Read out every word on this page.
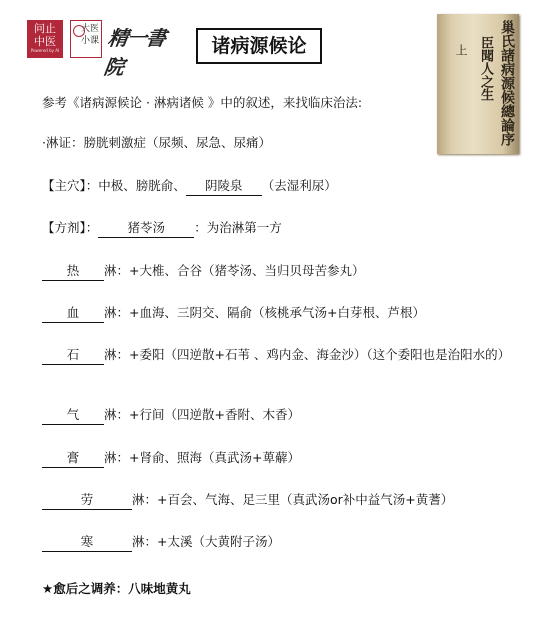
问止
中医
Powered by AI
大医
小课 精一書院
诸病源候论	巢氏諸病源候總論序
臣聞人之生
上
参考《诸病源候论 · 淋病诸候 》中的叙述，来找临床治法:
·淋证：膀胱刺激症（尿频、尿急、尿痛）
【主穴】：中极、膀胱俞、 阴陵泉 （去湿利尿）
【方剂】： 猪苓汤 ：为治淋第一方
热 淋：+大椎、合谷（猪苓汤、当归贝母苦参丸）
血 淋：+血海、三阴交、隔俞（核桃承气汤+白芽根、芦根）
石 淋：+委阳（四逆散+石苇 、鸡内金、海金沙）（这个委阳也是治阳水的）
气 淋：+行间（四逆散+香附、木香）
膏 淋：+肾俞、照海（真武汤+萆薢）
劳	淋：+百会、气海、足三里（真武汤or补中益气汤+黄蓍）
寒	淋：+太溪（大黄附子汤）
★愈后之调养：八味地黄丸
